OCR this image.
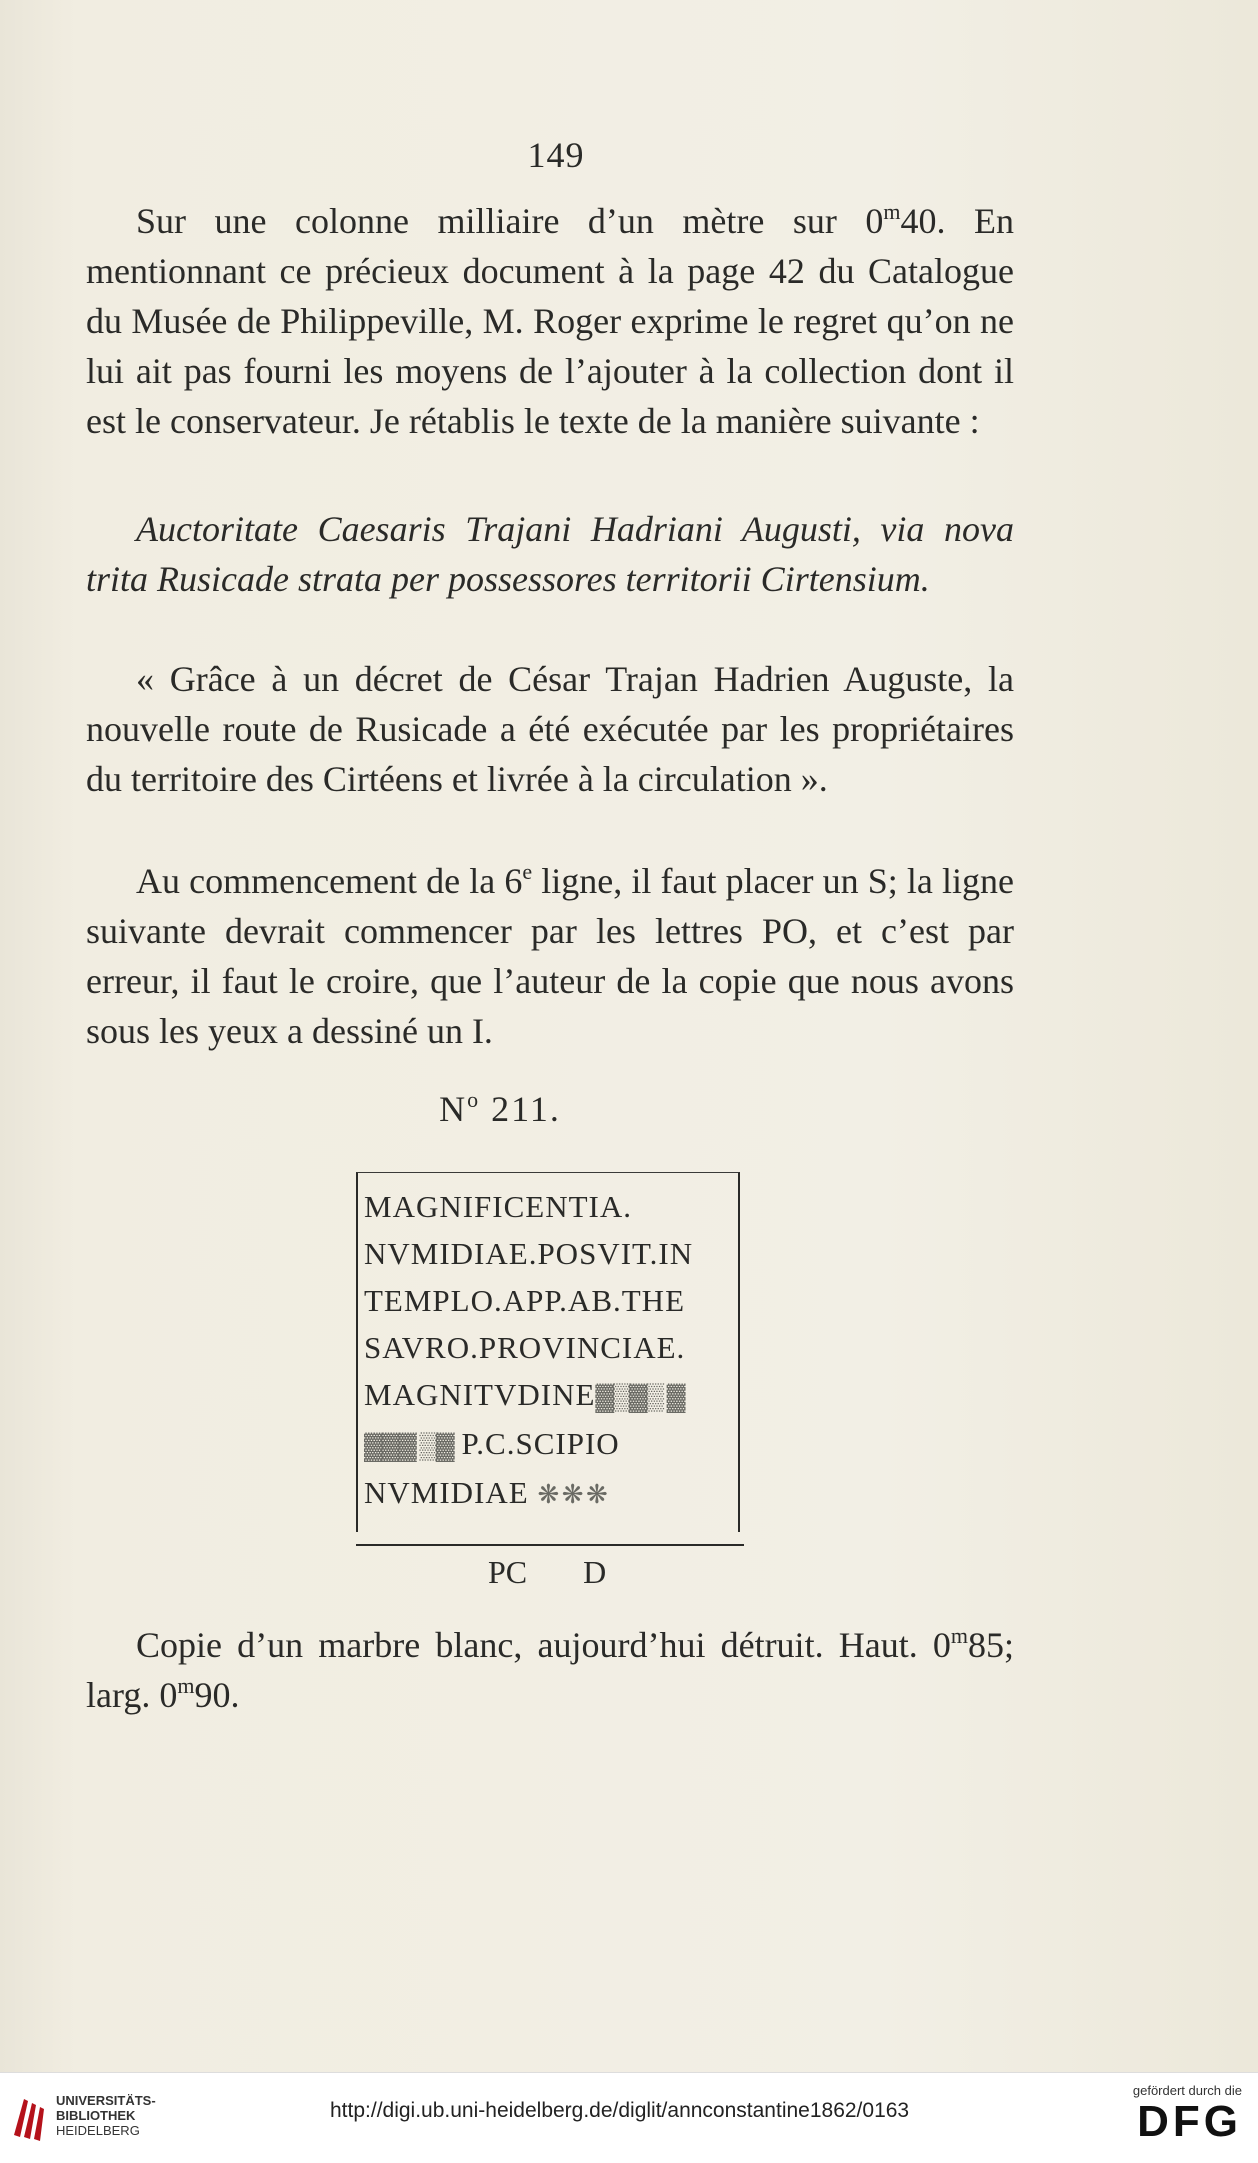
149

Sur une colonne milliaire d’un mètre sur 0$^m$40. En mentionnant ce précieux document à la page 42 du Catalogue du Musée de Philippeville, M. Roger exprime le regret qu’on ne lui ait pas fourni les moyens de l’ajouter à la collection dont il est le conservateur. Je rétablis le texte de la manière suivante :

Auctoritate Caesaris Trajani Hadriani Augusti, via nova trita Rusicade strata per possessores territorii Cirtensium.

« Grâce à un décret de César Trajan Hadrien Auguste, la nouvelle route de Rusicade a été exécutée par les propriétaires du territoire des Cirtéens et livrée à la circulation ».

Au commencement de la 6e ligne, il faut placer un S; la ligne suivante devrait commencer par les lettres PO, et c’est par erreur, il faut le croire, que l’auteur de la copie que nous avons sous les yeux a dessiné un I.

$N^o$ 211.
MAGNIFICENTIA.
NVMIDIAE.POSVIT.IN
TEMPLO.APP.AB.THE
SAVRO.PROVINCIAE.
MAGNITVDINE▓▒▓▒ ▓
▓▓▓ ▒▓ P.C.SCIPIO
NVMIDIAE ❋ ❋ ❋
PC D

Copie d’un marbre blanc, aujourd’hui détruit. Haut. 0$^m$85; larg. 0$^m$90.

UNIVERSITÄTS-
BIBLIOTHEK
HEIDELBERG
http://digi.ub.uni-heidelberg.de/diglit/annconstantine1862/0163
gefördert durch die
DFG
